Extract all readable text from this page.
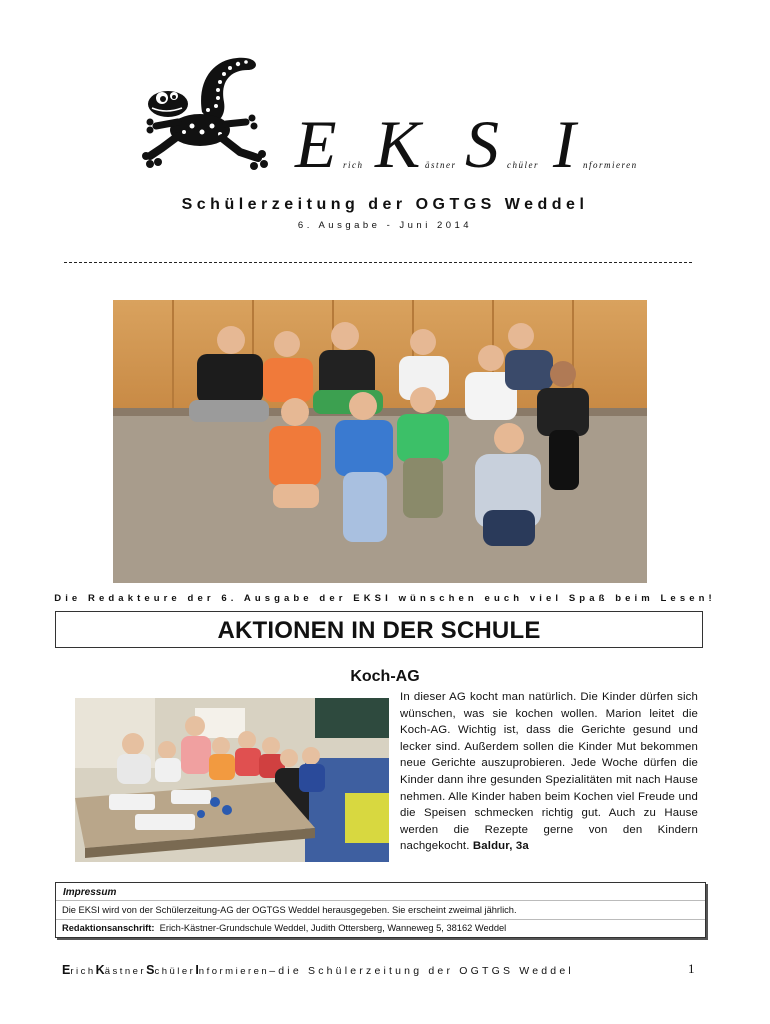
E rich K ästner S chüler I nformieren
Schülerzeitung der OGTGS Weddel
6. Ausgabe - Juni 2014
Die Redakteure der 6. Ausgabe der EKSI wünschen euch viel Spaß beim Lesen!
AKTIONEN IN DER SCHULE
Koch-AG
In dieser AG kocht man natürlich. Die Kinder dürfen sich wünschen, was sie kochen wollen. Marion leitet die Koch-AG. Wichtig ist, dass die Gerichte gesund und lecker sind. Außerdem sollen die Kinder Mut bekommen neue Gerichte auszuprobieren. Jede Woche dürfen die Kinder dann ihre gesunden Spezialitäten mit nach Hause nehmen. Alle Kinder haben beim Kochen viel Freude und die Speisen schmecken richtig gut. Auch zu Hause werden die Rezepte gerne von den Kindern nachgekocht. Baldur, 3a
Impressum
Die EKSI wird von der Schülerzeitung-AG der OGTGS Weddel herausgegeben. Sie erscheint zweimal jährlich.
Redaktionsanschrift: Erich-Kästner-Grundschule Weddel, Judith Ottersberg, Wanneweg 5, 38162 Weddel
ErichKästnerSchülerInformieren–die Schülerzeitung der OGTGS Weddel	1
